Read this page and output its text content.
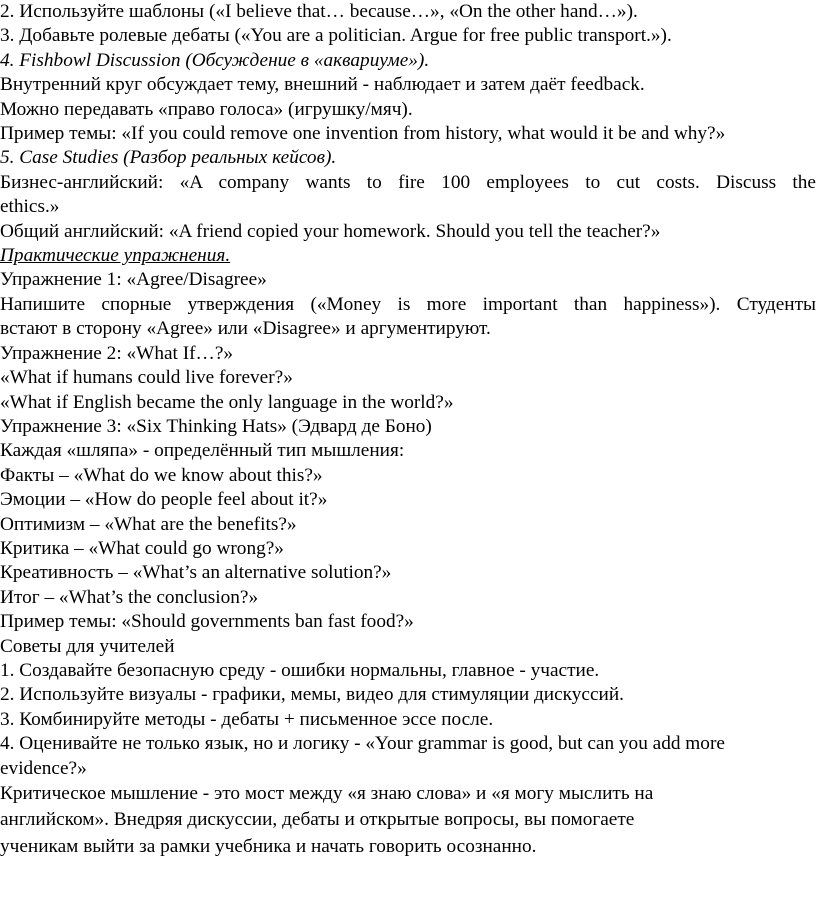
2. Используйте шаблоны («I believe that… because…», «On the other hand…»).

3. Добавьте ролевые дебаты («You are a politician. Argue for free public transport.»).

4. Fishbowl Discussion (Обсуждение в «аквариуме»).

Внутренний круг обсуждает тему, внешний - наблюдает и затем даёт feedback.

Можно передавать «право голоса» (игрушку/мяч).

Пример темы: «If you could remove one invention from history, what would it be and why?»

5. Case Studies (Разбор реальных кейсов).

Бизнес-английский: «A company wants to fire 100 employees to cut costs. Discuss the

ethics.»

Общий английский: «A friend copied your homework. Should you tell the teacher?»

Практические упражнения.

Упражнение 1: «Agree/Disagree»

Напишите спорные утверждения («Money is more important than happiness»). Студенты

встают в сторону «Agree» или «Disagree» и аргументируют.

Упражнение 2: «What If…?»

«What if humans could live forever?»

«What if English became the only language in the world?»

Упражнение 3: «Six Thinking Hats» (Эдвард де Боно)

Каждая «шляпа» - определённый тип мышления:

Факты – «What do we know about this?»

Эмоции – «How do people feel about it?»

Оптимизм – «What are the benefits?»

Критика – «What could go wrong?»

Креативность – «What’s an alternative solution?»

Итог – «What’s the conclusion?»

Пример темы: «Should governments ban fast food?»

Советы для учителей

1. Создавайте безопасную среду - ошибки нормальны, главное - участие.

2. Используйте визуалы - графики, мемы, видео для стимуляции дискуссий.

3. Комбинируйте методы - дебаты + письменное эссе после.

4. Оценивайте не только язык, но и логику - «Your grammar is good, but can you add more

evidence?»

Критическое мышление - это мост между «я знаю слова» и «я могу мыслить на

английском». Внедряя дискуссии, дебаты и открытые вопросы, вы помогаете

ученикам выйти за рамки учебника и начать говорить осознанно.
